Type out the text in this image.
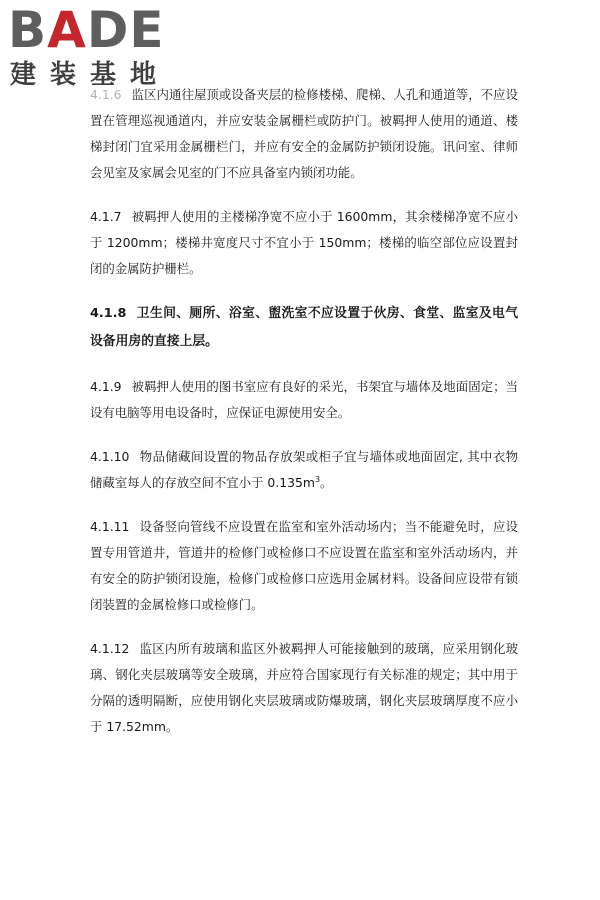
BADE
建装基地

4.1.6 监区内通往屋顶或设备夹层的检修楼梯、爬梯、人孔和通道等，不应设置在管理巡视通道内，并应安装金属栅栏或防护门。被羁押人使用的通道、楼梯封闭门宜采用金属栅栏门，并应有安全的金属防护锁闭设施。讯问室、律师会见室及家属会见室的门不应具备室内锁闭功能。

4.1.7 被羁押人使用的主楼梯净宽不应小于 1600mm，其余楼梯净宽不应小于 1200mm；楼梯井宽度尺寸不宜小于 150mm；楼梯的临空部位应设置封闭的金属防护栅栏。

4.1.8 卫生间、厕所、浴室、盥洗室不应设置于伙房、食堂、监室及电气设备用房的直接上层。

4.1.9 被羁押人使用的图书室应有良好的采光，书架宜与墙体及地面固定；当设有电脑等用电设备时，应保证电源使用安全。

4.1.10 物品储藏间设置的物品存放架或柜子宜与墙体或地面固定, 其中衣物储藏室每人的存放空间不宜小于 $0.135m^3$。

4.1.11 设备竖向管线不应设置在监室和室外活动场内；当不能避免时，应设置专用管道井，管道井的检修门或检修口不应设置在监室和室外活动场内，并有安全的防护锁闭设施，检修门或检修口应选用金属材料。设备间应设带有锁闭装置的金属检修口或检修门。

4.1.12 监区内所有玻璃和监区外被羁押人可能接触到的玻璃，应采用钢化玻璃、钢化夹层玻璃等安全玻璃，并应符合国家现行有关标准的规定；其中用于分隔的透明隔断，应使用钢化夹层玻璃或防爆玻璃，钢化夹层玻璃厚度不应小于 17.52mm。
